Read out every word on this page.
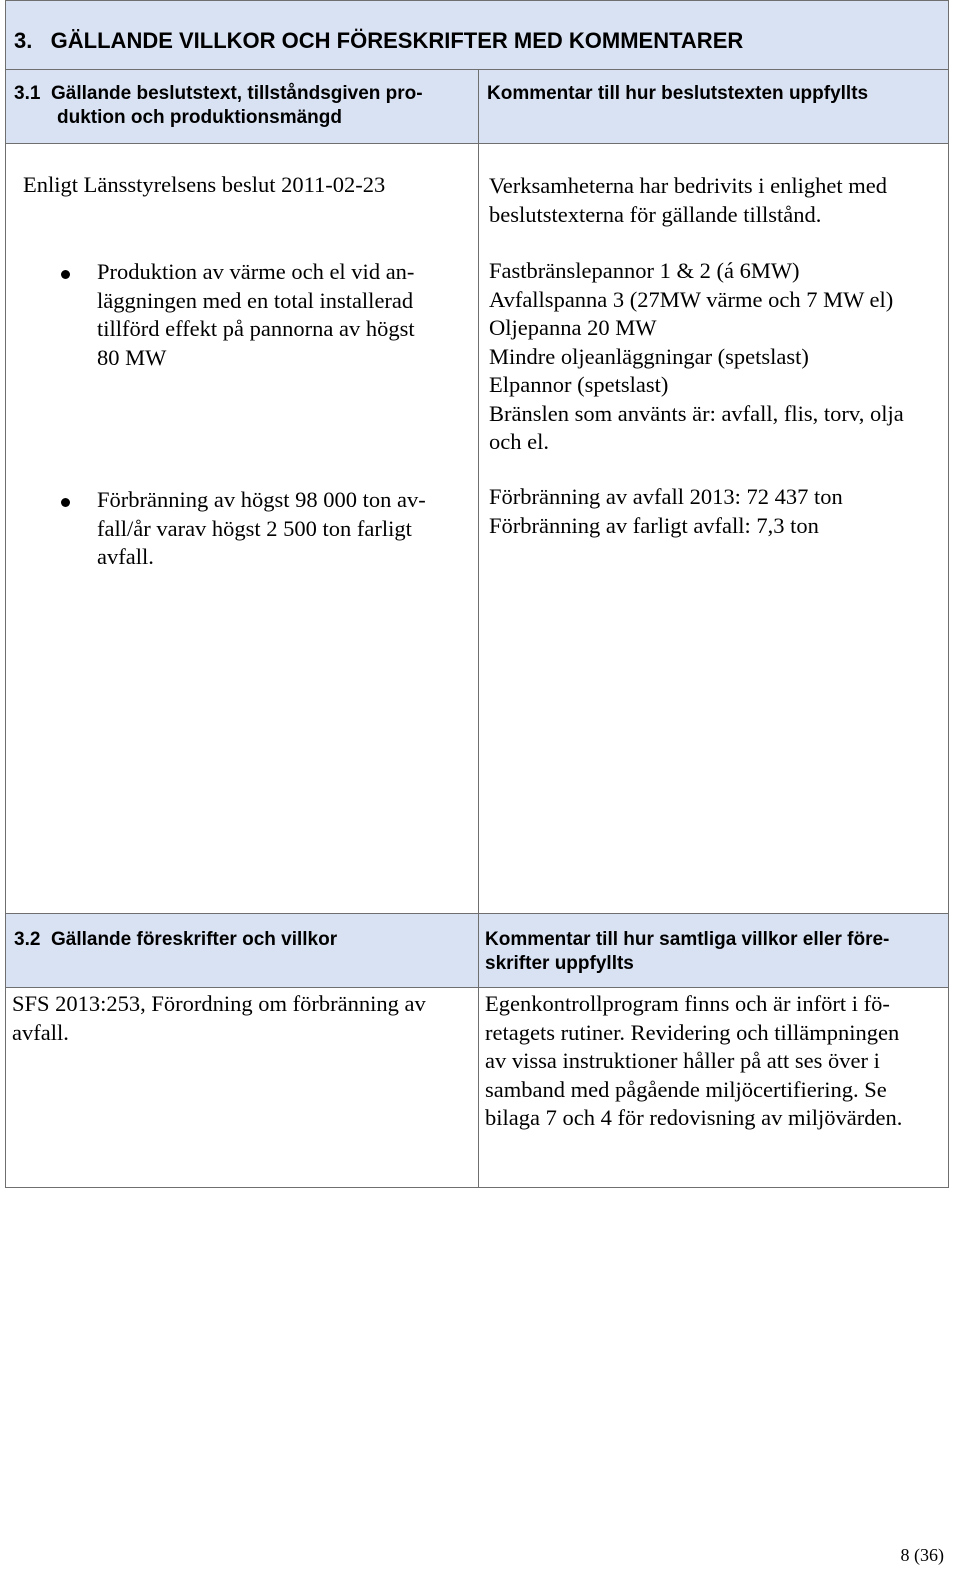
3.   GÄLLANDE VILLKOR OCH FÖRESKRIFTER MED KOMMENTARER
3.1  Gällande beslutstext, tillståndsgiven pro-
duktion och produktionsmängd
Kommentar till hur beslutstexten uppfyllts
Enligt Länsstyrelsens beslut 2011-02-23
Produktion av värme och el vid an-
läggningen med en total installerad
tillförd effekt på pannorna av högst
80 MW
Förbränning av högst 98 000 ton av-
fall/år varav högst 2 500 ton farligt
avfall.
Verksamheterna har bedrivits i enlighet med
beslutstexterna för gällande tillstånd.
Fastbränslepannor 1 & 2 (á 6MW)
Avfallspanna 3 (27MW värme och 7 MW el)
Oljepanna 20 MW
Mindre oljeanläggningar (spetslast)
Elpannor (spetslast)
Bränslen som använts är: avfall, flis, torv, olja
och el.
Förbränning av avfall 2013: 72 437 ton
Förbränning av farligt avfall: 7,3 ton
3.2  Gällande föreskrifter och villkor	Kommentar till hur samtliga villkor eller före-
skrifter uppfyllts
SFS 2013:253, Förordning om förbränning av
avfall.
Egenkontrollprogram finns och är infört i fö-
retagets rutiner. Revidering och tillämpningen
av vissa instruktioner håller på att ses över i
samband med pågående miljöcertifiering. Se
bilaga 7 och 4 för redovisning av miljövärden.
8 (36)
